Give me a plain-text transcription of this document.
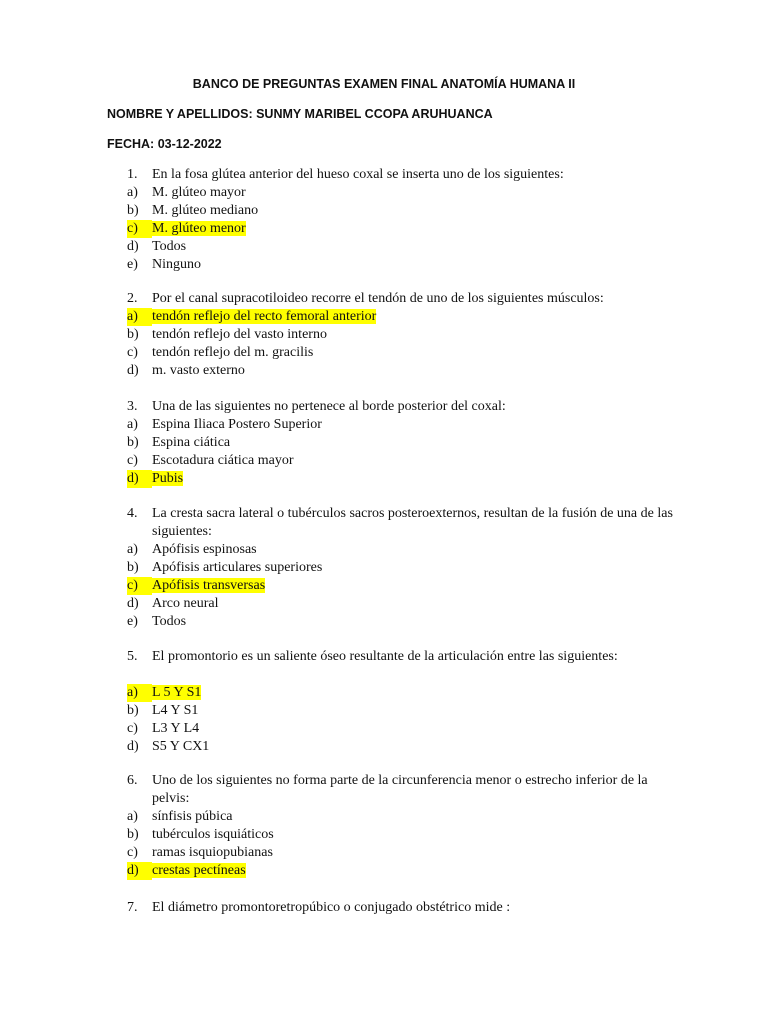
BANCO DE PREGUNTAS EXAMEN FINAL ANATOMÍA HUMANA II
NOMBRE Y APELLIDOS: SUNMY MARIBEL CCOPA ARUHUANCA
FECHA: 03-12-2022
1. En la fosa glútea anterior del hueso coxal se inserta uno de los siguientes:
a) M. glúteo mayor
b) M. glúteo mediano
c)	M. glúteo menor
d) Todos
e) Ninguno
2. Por el canal supracotiloideo recorre el tendón de uno de los siguientes músculos:
a)	tendón reflejo del recto femoral anterior
b) tendón reflejo del vasto interno
c) tendón reflejo del m. gracilis
d) m. vasto externo
3. Una de las siguientes no pertenece al borde posterior del coxal:
a) Espina Iliaca Postero Superior
b) Espina ciática
c) Escotadura ciática mayor
d) Pubis
4. La cresta sacra lateral o tubérculos sacros posteroexternos, resultan de la fusión de una de las siguientes:
a) Apófisis espinosas
b) Apófisis articulares superiores
c)	Apófisis transversas
d) Arco neural
e) Todos
5. El promontorio es un saliente óseo resultante de la articulación entre las siguientes:
a)	L 5 Y S1
b) L4 Y S1
c) L3 Y L4
d) S5 Y CX1
6. Uno de los siguientes no forma parte de la circunferencia menor o estrecho inferior de la pelvis:
a) sínfisis púbica
b) tubérculos isquiáticos
c) ramas isquiopubianas
d) crestas pectíneas
7. El diámetro promontoretropúbico o conjugado obstétrico mide :
